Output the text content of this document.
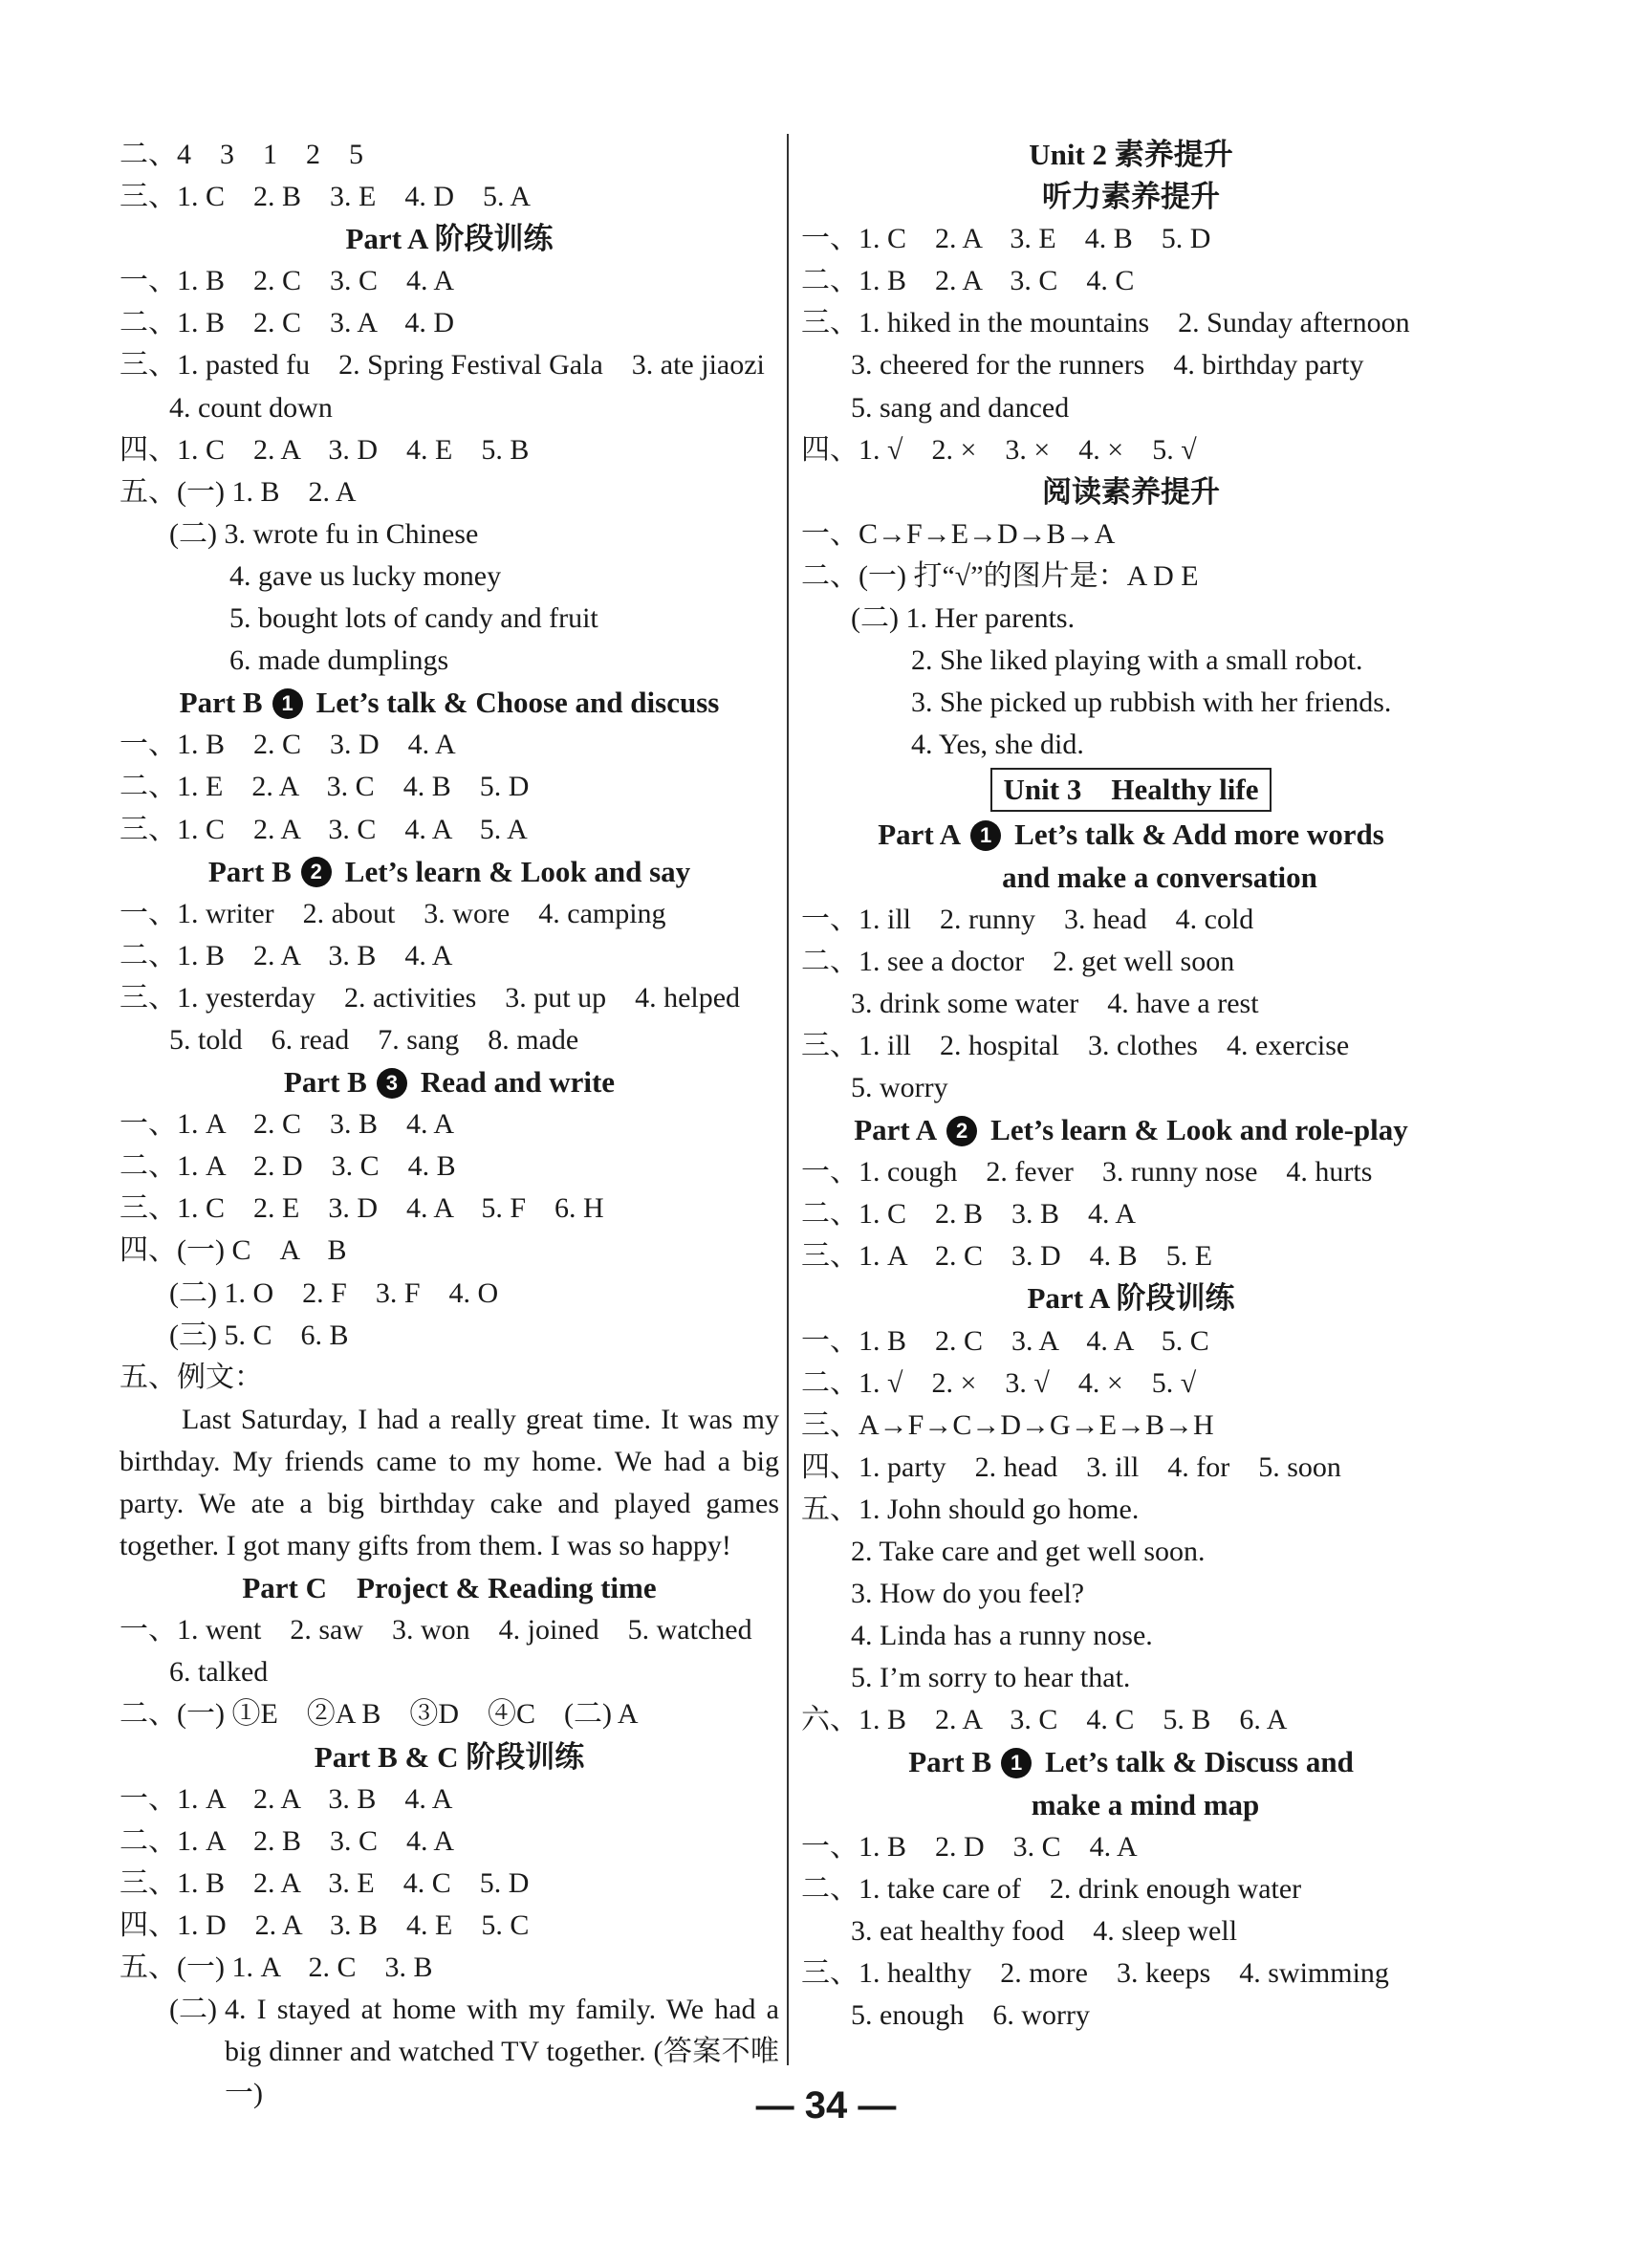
二、4　3　1　2　5
三、1. C　2. B　3. E　4. D　5. A
Part A 阶段训练
一、1. B　2. C　3. C　4. A
二、1. B　2. C　3. A　4. D
三、1. pasted fu　2. Spring Festival Gala　3. ate jiaozi
4. count down
四、1. C　2. A　3. D　4. E　5. B
五、(一) 1. B　2. A
(二) 3. wrote fu in Chinese
4. gave us lucky money
5. bought lots of candy and fruit
6. made dumplings
Part B 1 Let’s talk & Choose and discuss
一、1. B　2. C　3. D　4. A
二、1. E　2. A　3. C　4. B　5. D
三、1. C　2. A　3. C　4. A　5. A
Part B 2 Let’s learn & Look and say
一、1. writer　2. about　3. wore　4. camping
二、1. B　2. A　3. B　4. A
三、1. yesterday　2. activities　3. put up　4. helped
5. told　6. read　7. sang　8. made
Part B 3 Read and write
一、1. A　2. C　3. B　4. A
二、1. A　2. D　3. C　4. B
三、1. C　2. E　3. D　4. A　5. F　6. H
四、(一) C　A　B
(二) 1. O　2. F　3. F　4. O
(三) 5. C　6. B
五、例文：
Last Saturday, I had a really great time. It was my birthday. My friends came to my home. We had a big party. We ate a big birthday cake and played games together. I got many gifts from them. I was so happy!
Part C　Project & Reading time
一、1. went　2. saw　3. won　4. joined　5. watched
6. talked
二、(一) ①E　②A B　③D　④C　(二) A
Part B & C 阶段训练
一、1. A　2. A　3. B　4. A
二、1. A　2. B　3. C　4. A
三、1. B　2. A　3. E　4. C　5. D
四、1. D　2. A　3. B　4. E　5. C
五、(一) 1. A　2. C　3. B
(二) 4. I stayed at home with my family. We had a big dinner and watched TV together. (答案不唯一)
Unit 2 素养提升
听力素养提升
一、1. C　2. A　3. E　4. B　5. D
二、1. B　2. A　3. C　4. C
三、1. hiked in the mountains　2. Sunday afternoon
3. cheered for the runners　4. birthday party
5. sang and danced
四、1. √　2. ×　3. ×　4. ×　5. √
阅读素养提升
一、C→F→E→D→B→A
二、(一) 打“√”的图片是：A D E
(二) 1. Her parents.
2. She liked playing with a small robot.
3. She picked up rubbish with her friends.
4. Yes, she did.
Unit 3　Healthy life
Part A 1 Let’s talk & Add more words
and make a conversation
一、1. ill　2. runny　3. head　4. cold
二、1. see a doctor　2. get well soon
3. drink some water　4. have a rest
三、1. ill　2. hospital　3. clothes　4. exercise
5. worry
Part A 2 Let’s learn & Look and role-play
一、1. cough　2. fever　3. runny nose　4. hurts
二、1. C　2. B　3. B　4. A
三、1. A　2. C　3. D　4. B　5. E
Part A 阶段训练
一、1. B　2. C　3. A　4. A　5. C
二、1. √　2. ×　3. √　4. ×　5. √
三、A→F→C→D→G→E→B→H
四、1. party　2. head　3. ill　4. for　5. soon
五、1. John should go home.
2. Take care and get well soon.
3. How do you feel?
4. Linda has a runny nose.
5. I’m sorry to hear that.
六、1. B　2. A　3. C　4. C　5. B　6. A
Part B 1 Let’s talk & Discuss and
make a mind map
一、1. B　2. D　3. C　4. A
二、1. take care of　2. drink enough water
3. eat healthy food　4. sleep well
三、1. healthy　2. more　3. keeps　4. swimming
5. enough　6. worry
— 34 —
